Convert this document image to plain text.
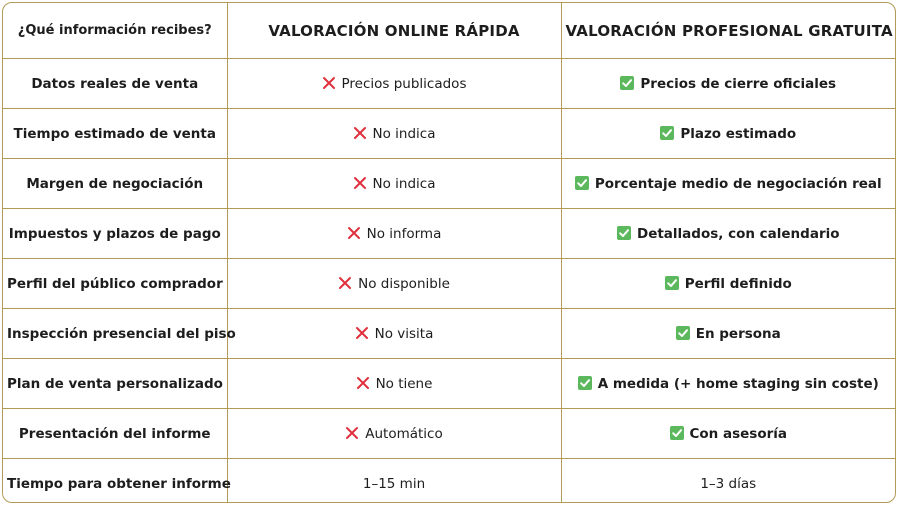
¿Qué información recibes?	VALORACIÓN ONLINE RÁPIDA	VALORACIÓN PROFESIONAL GRATUITA
Datos reales de venta	Precios publicados	Precios de cierre oficiales
Tiempo estimado de venta	No indica	Plazo estimado
Margen de negociación	No indica	Porcentaje medio de negociación real
Impuestos y plazos de pago	No informa	Detallados, con calendario
Perfil del público comprador	No disponible	Perfil definido
Inspección presencial del piso	No visita	En persona
Plan de venta personalizado	No tiene	A medida (+ home staging sin coste)
Presentación del informe	Automático	Con asesoría
Tiempo para obtener informe	1–15 min	1–3 días
